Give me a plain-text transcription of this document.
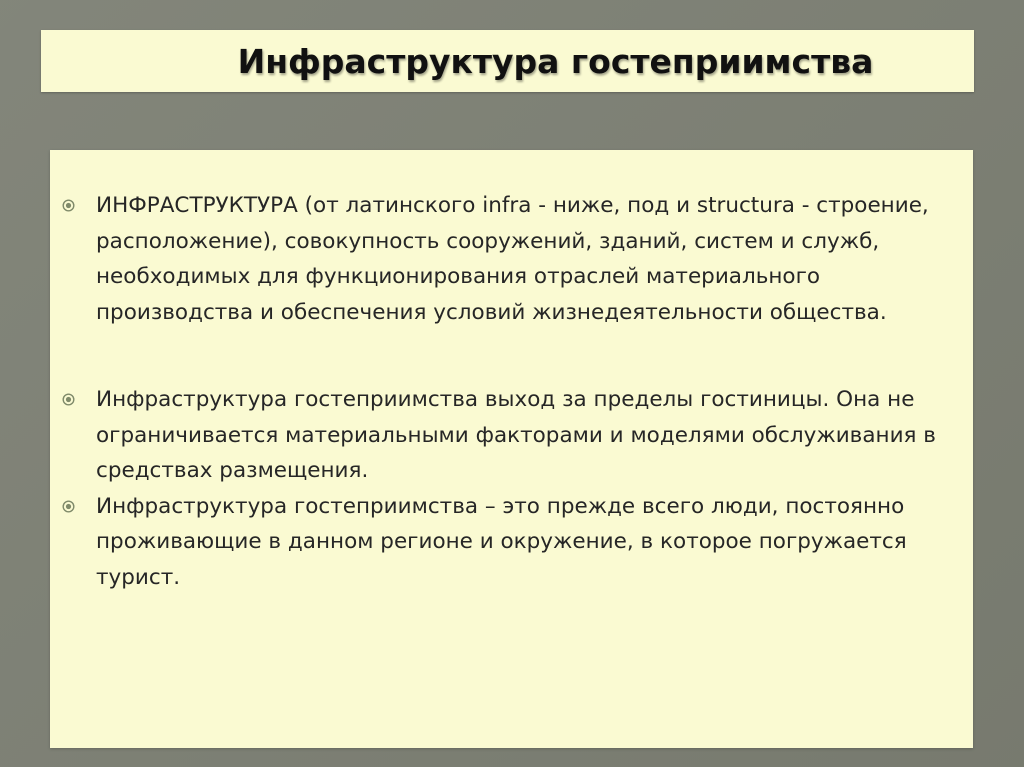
Инфраструктура гостеприимства
ИНФРАСТРУКТУРА (от латинского infra - ниже, под и structura - строение, расположение), совокупность сооружений, зданий, систем и служб, необходимых для функционирования отраслей материального производства и обеспечения условий жизнедеятельности общества.
Инфраструктура гостеприимства выход за пределы гостиницы. Она не ограничивается материальными факторами и моделями обслуживания в средствах размещения.
Инфраструктура гостеприимства – это прежде всего люди, постоянно проживающие в данном регионе и окружение, в которое погружается турист.
